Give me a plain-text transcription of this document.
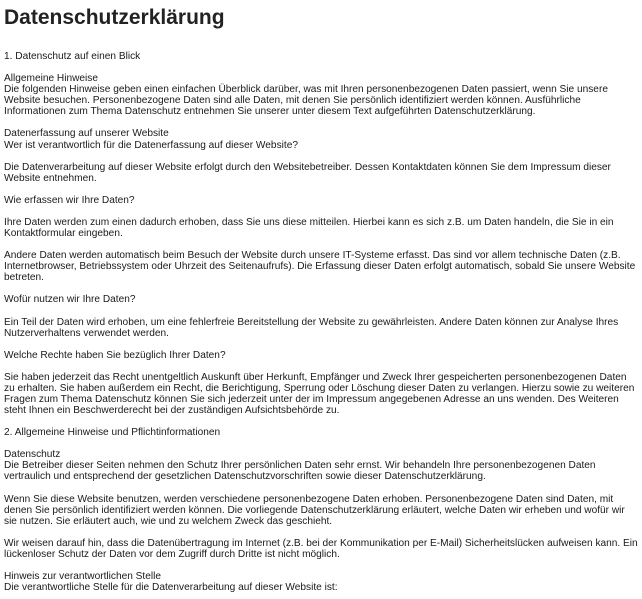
Datenschutzerklärung
1. Datenschutz auf einen Blick
Allgemeine Hinweise
Die folgenden Hinweise geben einen einfachen Überblick darüber, was mit Ihren personenbezogenen Daten passiert, wenn Sie unsere Website besuchen. Personenbezogene Daten sind alle Daten, mit denen Sie persönlich identifiziert werden können. Ausführliche Informationen zum Thema Datenschutz entnehmen Sie unserer unter diesem Text aufgeführten Datenschutzerklärung.
Datenerfassung auf unserer Website
Wer ist verantwortlich für die Datenerfassung auf dieser Website?
Die Datenverarbeitung auf dieser Website erfolgt durch den Websitebetreiber. Dessen Kontaktdaten können Sie dem Impressum dieser Website entnehmen.
Wie erfassen wir Ihre Daten?
Ihre Daten werden zum einen dadurch erhoben, dass Sie uns diese mitteilen. Hierbei kann es sich z.B. um Daten handeln, die Sie in ein Kontaktformular eingeben.
Andere Daten werden automatisch beim Besuch der Website durch unsere IT-Systeme erfasst. Das sind vor allem technische Daten (z.B. Internetbrowser, Betriebssystem oder Uhrzeit des Seitenaufrufs). Die Erfassung dieser Daten erfolgt automatisch, sobald Sie unsere Website betreten.
Wofür nutzen wir Ihre Daten?
Ein Teil der Daten wird erhoben, um eine fehlerfreie Bereitstellung der Website zu gewährleisten. Andere Daten können zur Analyse Ihres Nutzerverhaltens verwendet werden.
Welche Rechte haben Sie bezüglich Ihrer Daten?
Sie haben jederzeit das Recht unentgeltlich Auskunft über Herkunft, Empfänger und Zweck Ihrer gespeicherten personenbezogenen Daten zu erhalten. Sie haben außerdem ein Recht, die Berichtigung, Sperrung oder Löschung dieser Daten zu verlangen. Hierzu sowie zu weiteren Fragen zum Thema Datenschutz können Sie sich jederzeit unter der im Impressum angegebenen Adresse an uns wenden. Des Weiteren steht Ihnen ein Beschwerderecht bei der zuständigen Aufsichtsbehörde zu.
2. Allgemeine Hinweise und Pflichtinformationen
Datenschutz
Die Betreiber dieser Seiten nehmen den Schutz Ihrer persönlichen Daten sehr ernst. Wir behandeln Ihre personenbezogenen Daten vertraulich und entsprechend der gesetzlichen Datenschutzvorschriften sowie dieser Datenschutzerklärung.
Wenn Sie diese Website benutzen, werden verschiedene personenbezogene Daten erhoben. Personenbezogene Daten sind Daten, mit denen Sie persönlich identifiziert werden können. Die vorliegende Datenschutzerklärung erläutert, welche Daten wir erheben und wofür wir sie nutzen. Sie erläutert auch, wie und zu welchem Zweck das geschieht.
Wir weisen darauf hin, dass die Datenübertragung im Internet (z.B. bei der Kommunikation per E-Mail) Sicherheitslücken aufweisen kann. Ein lückenloser Schutz der Daten vor dem Zugriff durch Dritte ist nicht möglich.
Hinweis zur verantwortlichen Stelle
Die verantwortliche Stelle für die Datenverarbeitung auf dieser Website ist:
